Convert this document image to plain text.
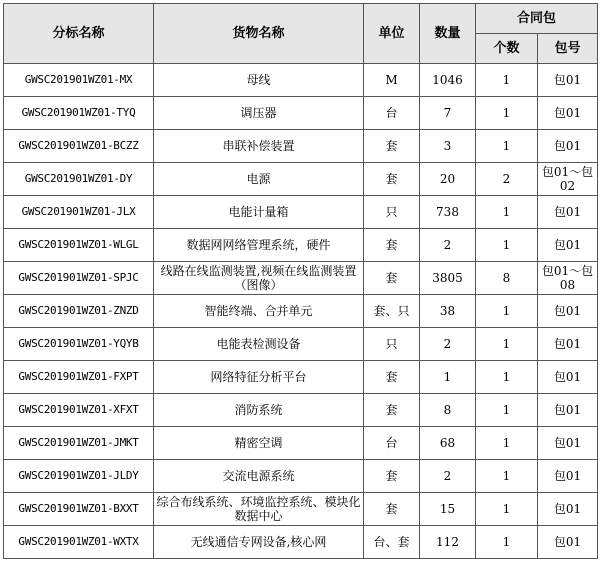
分标名称	货物名称	单位	数量	合同包	
				个数	包号
GWSC201901WZ01-MX	母线	M	1046	1	包01
GWSC201901WZ01-TYQ	调压器	台	7	1	包01
GWSC201901WZ01-BCZZ	串联补偿装置	套	3	1	包01
GWSC201901WZ01-DY	电源	套	20	2	包01～包02
GWSC201901WZ01-JLX	电能计量箱	只	738	1	包01
GWSC201901WZ01-WLGL	数据网网络管理系统，硬件	套	2	1	包01
GWSC201901WZ01-SPJC	线路在线监测装置,视频在线监测装置（图像）	套	3805	8	包01～包08
GWSC201901WZ01-ZNZD	智能终端、合并单元	套、只	38	1	包01
GWSC201901WZ01-YQYB	电能表检测设备	只	2	1	包01
GWSC201901WZ01-FXPT	网络特征分析平台	套	1	1	包01
GWSC201901WZ01-XFXT	消防系统	套	8	1	包01
GWSC201901WZ01-JMKT	精密空调	台	68	1	包01
GWSC201901WZ01-JLDY	交流电源系统	套	2	1	包01
GWSC201901WZ01-BXXT	综合布线系统、环境监控系统、模块化数据中心	套	15	1	包01
GWSC201901WZ01-WXTX	无线通信专网设备,核心网	台、套	112	1	包01
